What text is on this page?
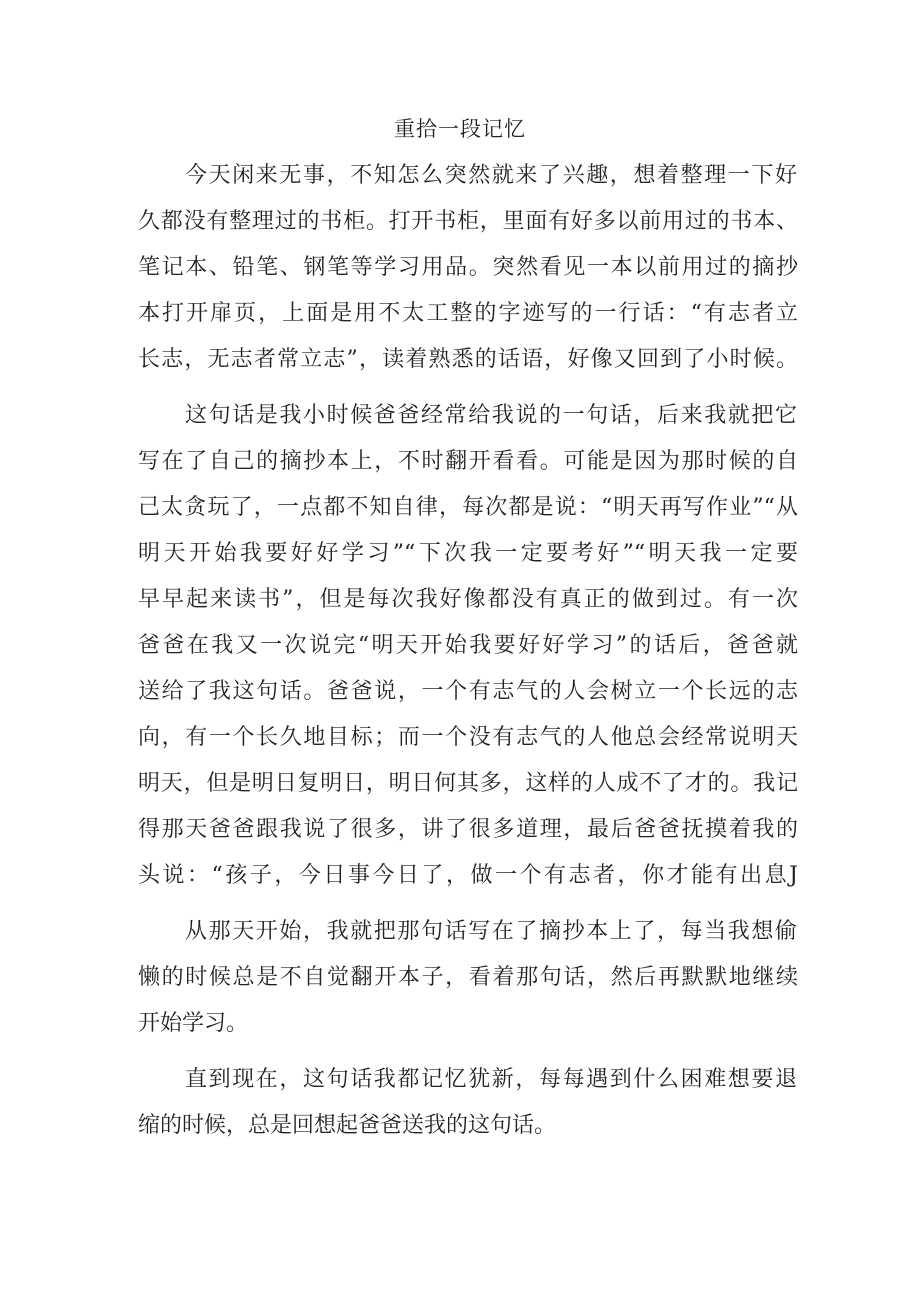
重拾一段记忆
今天闲来无事，不知怎么突然就来了兴趣，想着整理一下好
久都没有整理过的书柜。打开书柜，里面有好多以前用过的书本、
笔记本、铅笔、钢笔等学习用品。突然看见一本以前用过的摘抄
本打开扉页，上面是用不太工整的字迹写的一行话：“有志者立
长志，无志者常立志”，读着熟悉的话语，好像又回到了小时候。
这句话是我小时候爸爸经常给我说的一句话，后来我就把它
写在了自己的摘抄本上，不时翻开看看。可能是因为那时候的自
己太贪玩了，一点都不知自律，每次都是说：“明天再写作业”“从
明天开始我要好好学习”“下次我一定要考好”“明天我一定要
早早起来读书”，但是每次我好像都没有真正的做到过。有一次
爸爸在我又一次说完“明天开始我要好好学习”的话后，爸爸就
送给了我这句话。爸爸说，一个有志气的人会树立一个长远的志
向，有一个长久地目标；而一个没有志气的人他总会经常说明天
明天，但是明日复明日，明日何其多，这样的人成不了才的。我记
得那天爸爸跟我说了很多，讲了很多道理，最后爸爸抚摸着我的
头说：“孩子，今日事今日了，做一个有志者，你才能有出息J
从那天开始，我就把那句话写在了摘抄本上了，每当我想偷
懒的时候总是不自觉翻开本子，看着那句话，然后再默默地继续
开始学习。
直到现在，这句话我都记忆犹新，每每遇到什么困难想要退
缩的时候，总是回想起爸爸送我的这句话。
